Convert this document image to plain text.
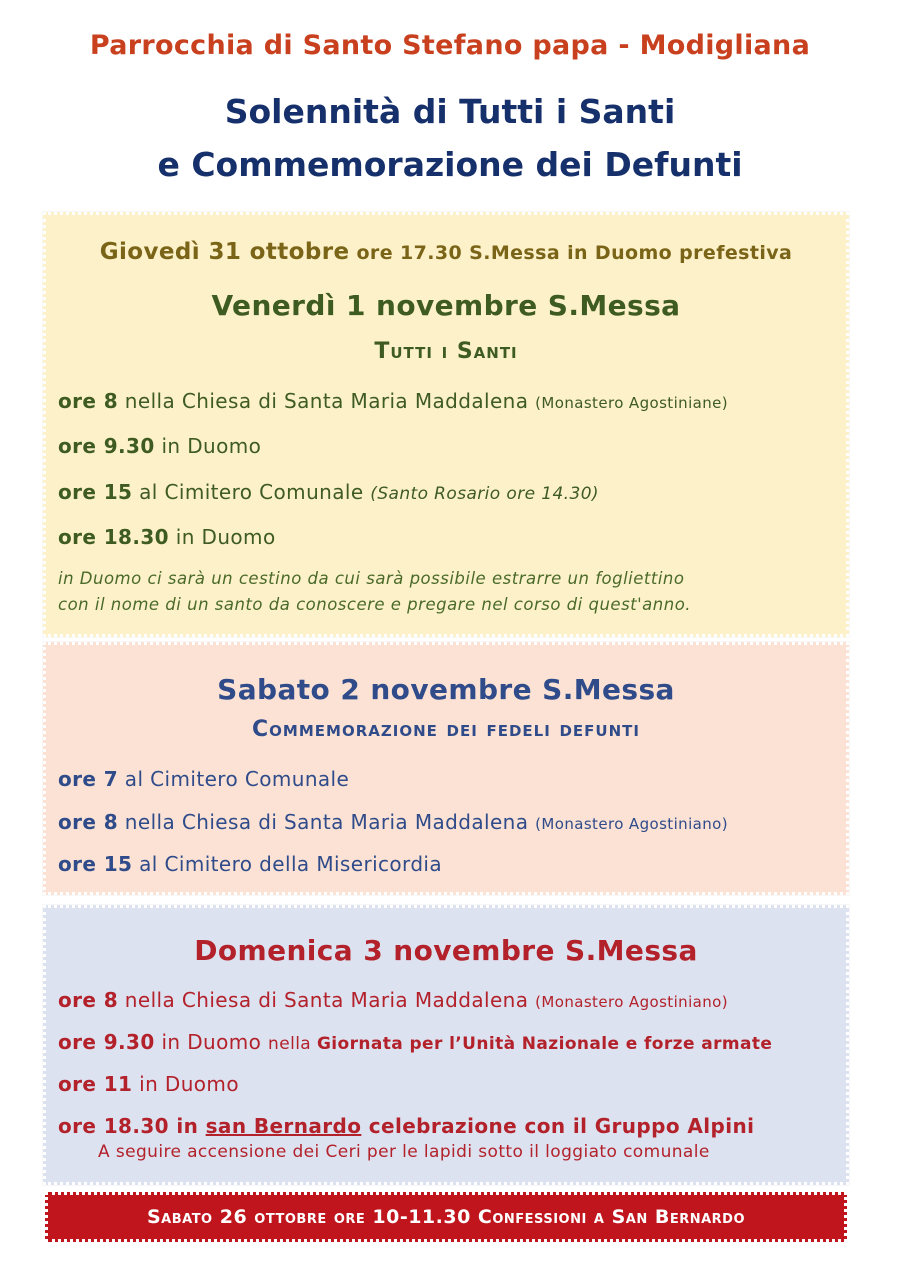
Parrocchia di Santo Stefano papa - Modigliana
Solennità di Tutti i Santi
e Commemorazione dei Defunti
Giovedì 31 ottobre ore 17.30 S.Messa in Duomo prefestiva
Venerdì 1 novembre S.Messa
Tutti i Santi
ore 8 nella Chiesa di Santa Maria Maddalena (Monastero Agostiniane)
ore 9.30 in Duomo
ore 15 al Cimitero Comunale (Santo Rosario ore 14.30)
ore 18.30 in Duomo
in Duomo ci sarà un cestino da cui sarà possibile estrarre un fogliettino
con il nome di un santo da conoscere e pregare nel corso di quest'anno.
Sabato 2 novembre S.Messa
Commemorazione dei fedeli defunti
ore 7 al Cimitero Comunale
ore 8 nella Chiesa di Santa Maria Maddalena (Monastero Agostiniano)
ore 15 al Cimitero della Misericordia
Domenica 3 novembre S.Messa
ore 8 nella Chiesa di Santa Maria Maddalena (Monastero Agostiniano)
ore 9.30 in Duomo nella Giornata per l’Unità Nazionale e forze armate
ore 11 in Duomo
ore 18.30 in san Bernardo celebrazione con il Gruppo Alpini
A seguire accensione dei Ceri per le lapidi sotto il loggiato comunale
Sabato 26 ottobre ore 10-11.30 Confessioni a San Bernardo
